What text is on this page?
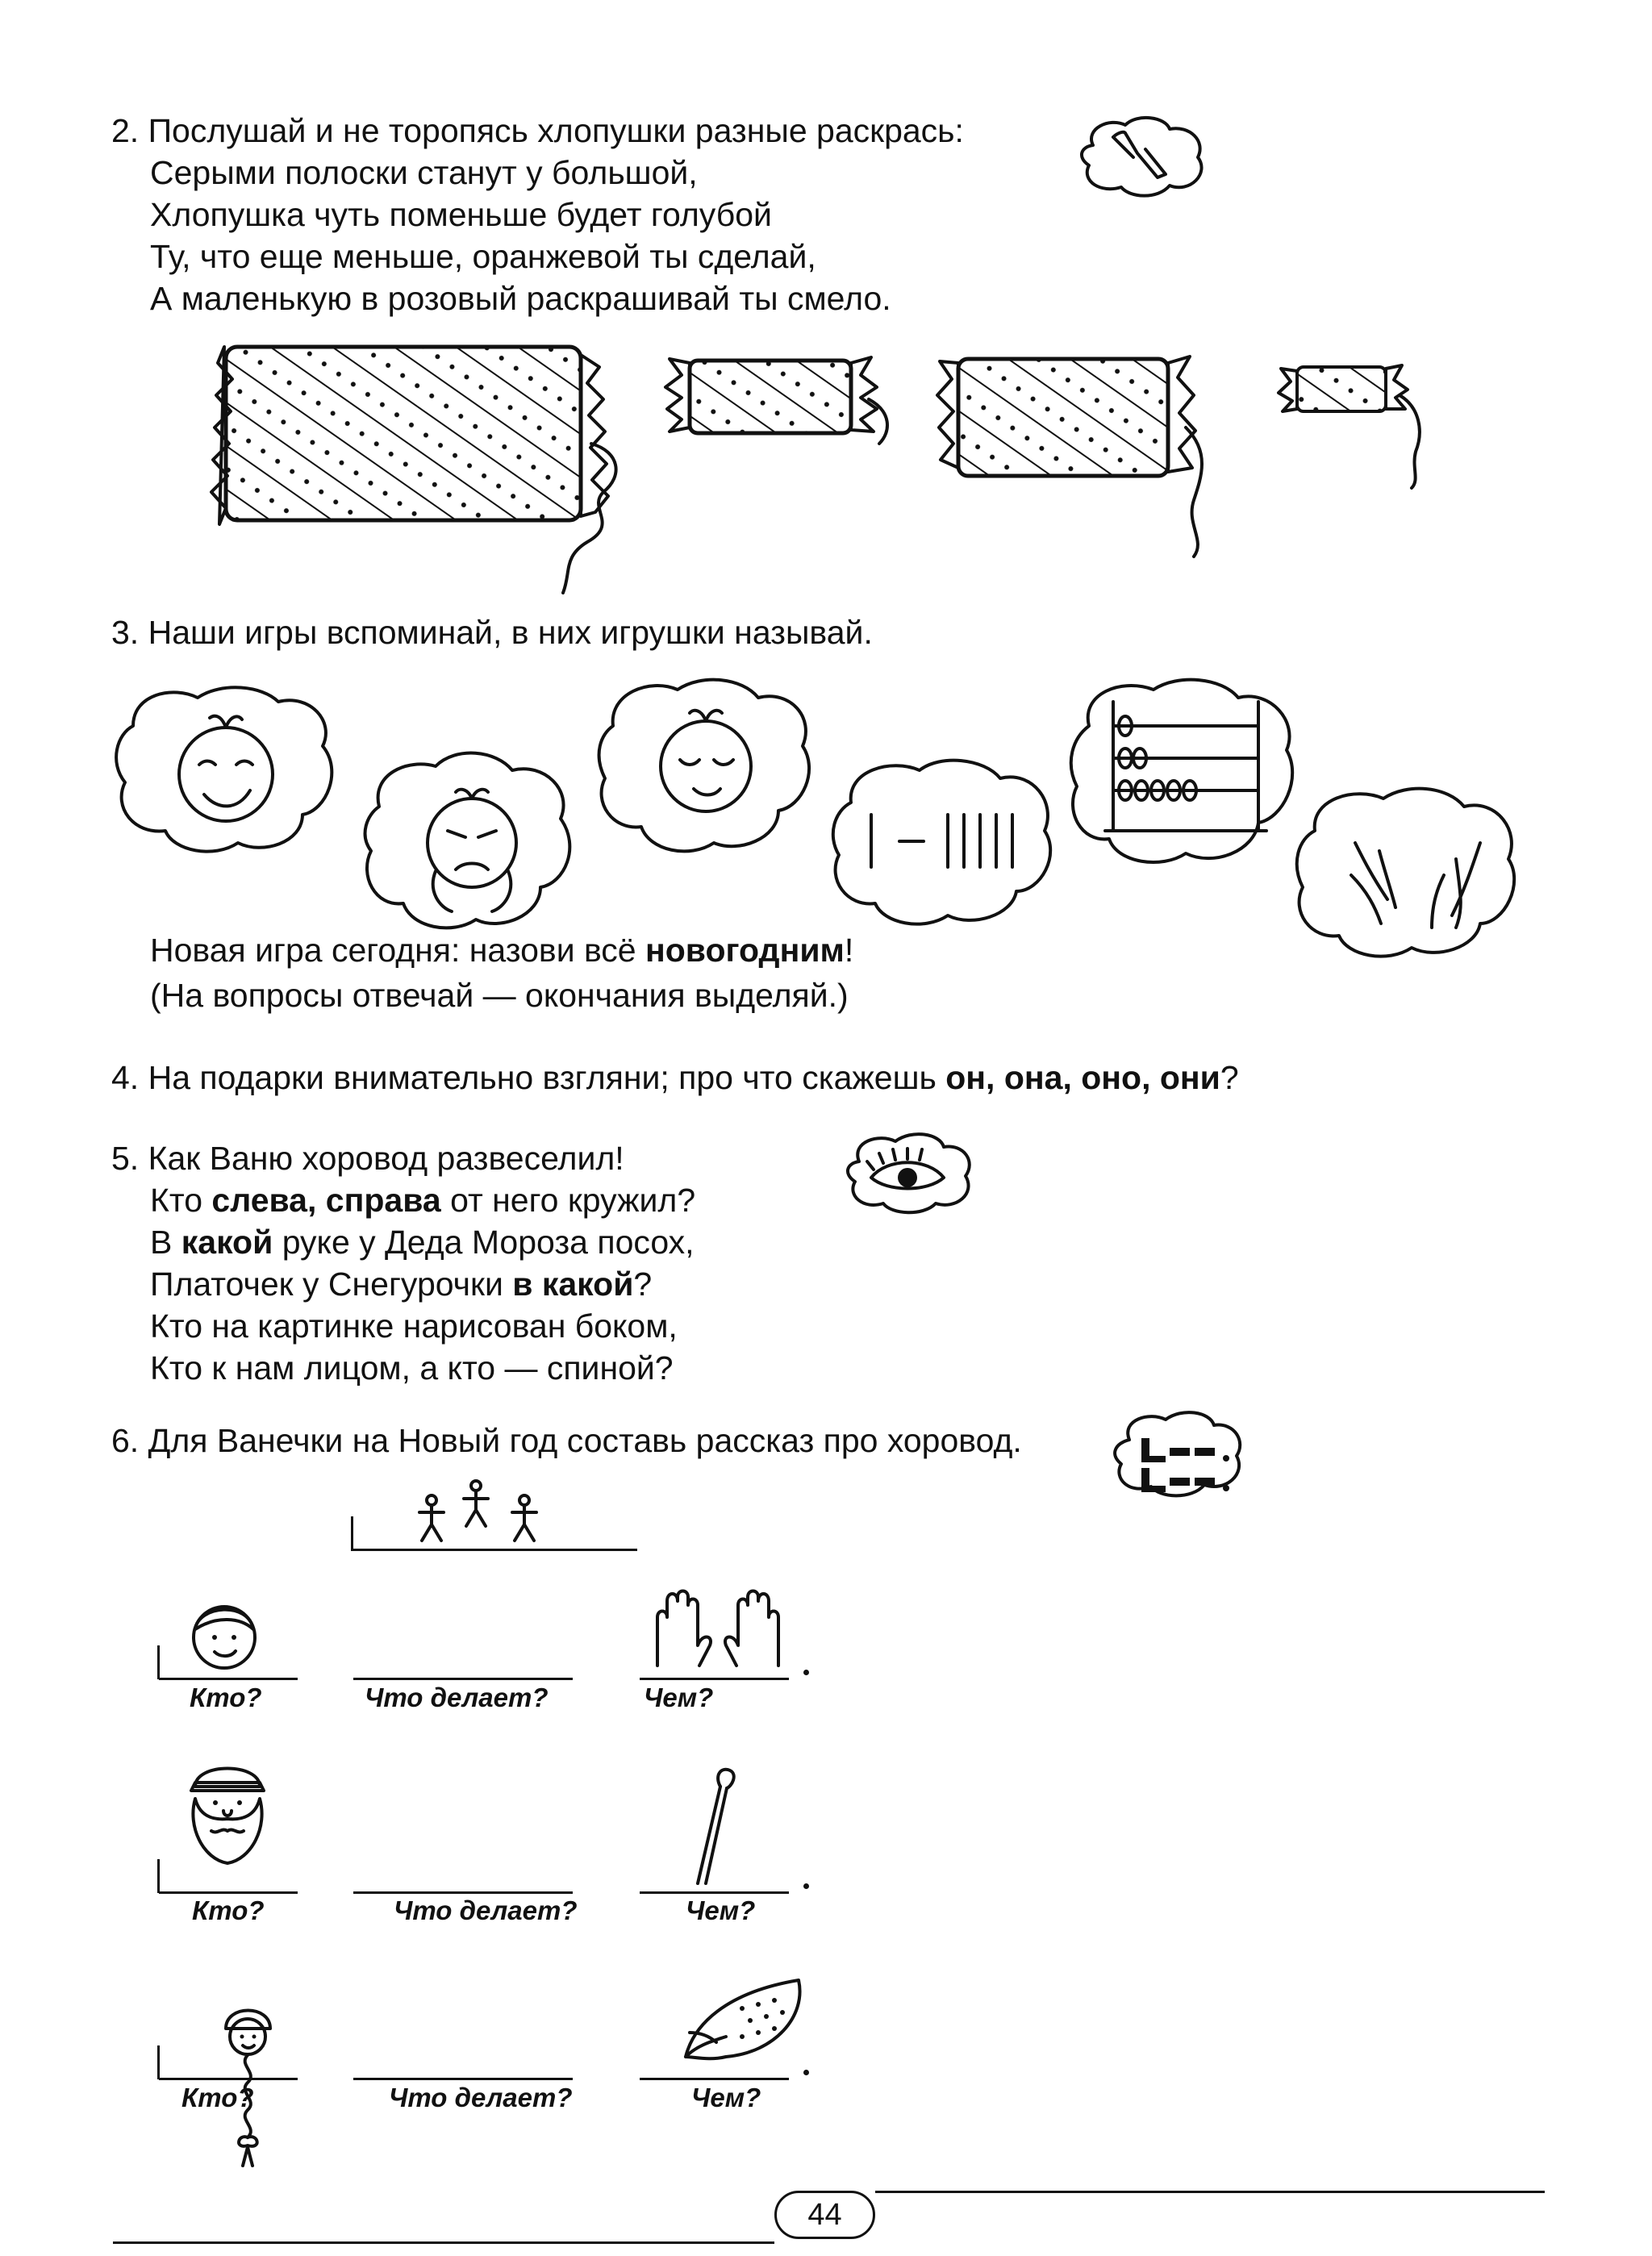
2. Послушай и не торопясь хлопушки разные раскрась:
Серыми полоски станут у большой,
Хлопушка чуть поменьше будет голубой
Ту, что еще меньше, оранжевой ты сделай,
А маленькую в розовый раскрашивай ты смело.
3. Наши игры вспоминай, в них игрушки называй.
Новая игра сегодня: назови всё новогодним!
(На вопросы отвечай — окончания выделяй.)
4. На подарки внимательно взгляни; про что скажешь он, она, оно, они?
5. Как Ваню хоровод развеселил!
Кто слева, справа от него кружил?
В какой руке у Деда Мороза посох,
Платочек у Снегурочки в какой?
Кто на картинке нарисован боком,
Кто к нам лицом, а кто — спиной?
6. Для Ванечки на Новый год составь рассказ про хоровод.
Кто?	Что делает?	Чем?
Кто?	Что делает?	Чем?
Кто?	Что делает?	Чем?
44
